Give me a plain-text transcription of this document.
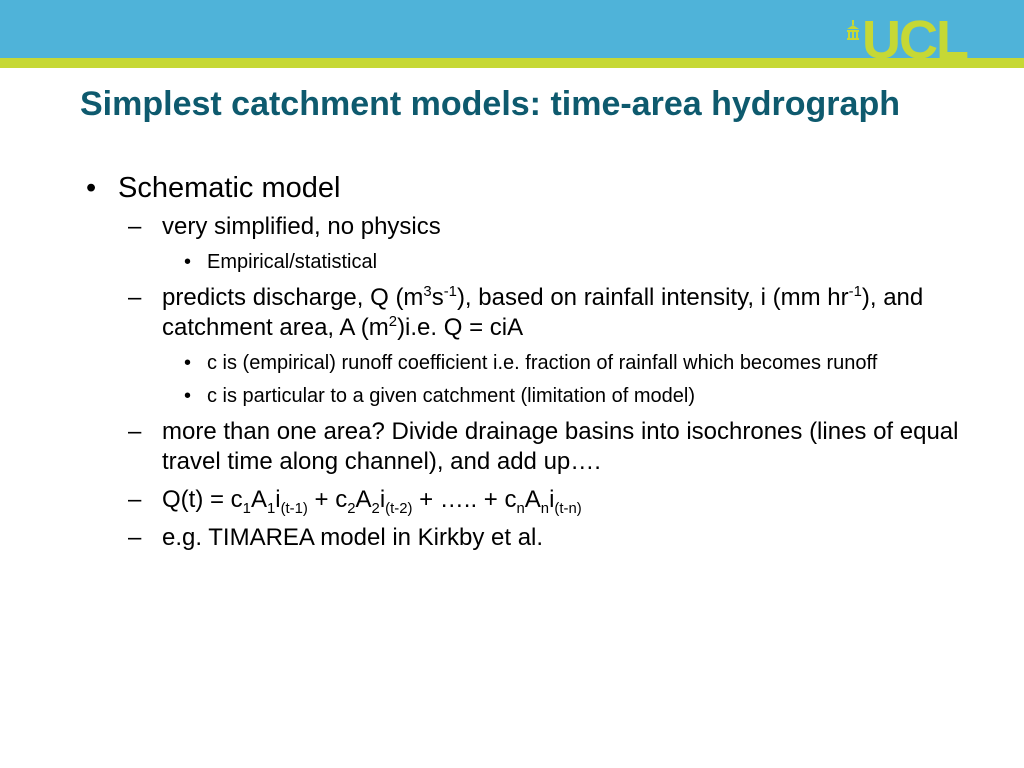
UCL
Simplest catchment models: time-area hydrograph
• Schematic model
– very simplified, no physics
• Empirical/statistical
– predicts discharge, Q $(m^3s^{-1})$, based on rainfall intensity, i (mm $hr^{-1}$), and catchment area, A $(m^2)i.e$. Q = ciA
• c is (empirical) runoff coefficient i.e. fraction of rainfall which becomes runoff
• c is particular to a given catchment (limitation of model)
– more than one area? Divide drainage basins into isochrones (lines of equal travel time along channel), and add up….
– $Q(t) = c_1A_1i_{(t-1)} + c_2A_2i_{(t-2)}$ + ….. + $c_nA_ni_{(t-n)}$
– e.g. TIMAREA model in Kirkby et al.
